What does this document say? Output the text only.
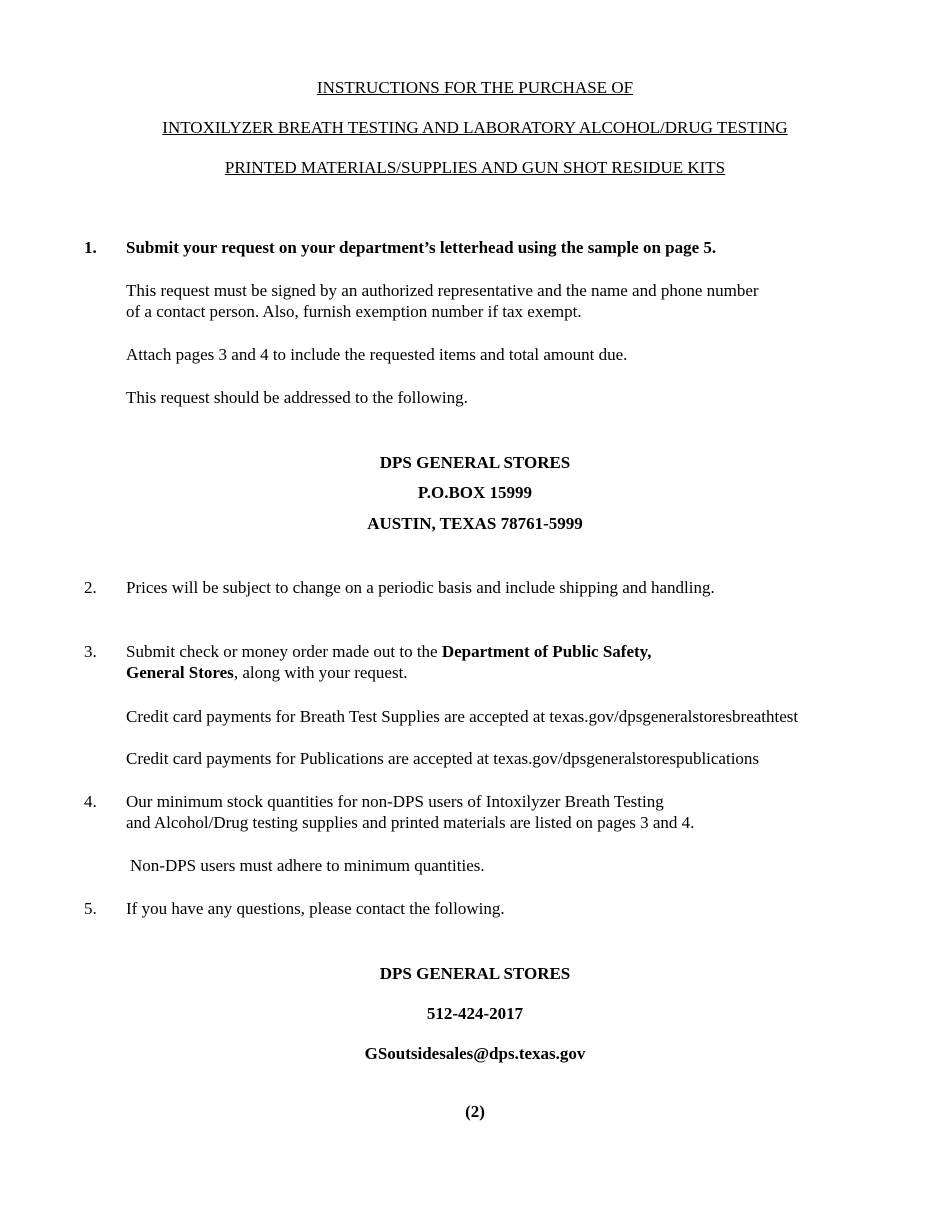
INSTRUCTIONS FOR THE PURCHASE OF
INTOXILYZER BREATH TESTING AND LABORATORY ALCOHOL/DRUG TESTING
PRINTED MATERIALS/SUPPLIES AND GUN SHOT RESIDUE KITS
1. Submit your request on your department’s letterhead using the sample on page 5.
This request must be signed by an authorized representative and the name and phone number
of a contact person. Also, furnish exemption number if tax exempt.
Attach pages 3 and 4 to include the requested items and total amount due.
This request should be addressed to the following.
DPS GENERAL STORES
P.O.BOX 15999
AUSTIN, TEXAS 78761-5999
2. Prices will be subject to change on a periodic basis and include shipping and handling.
3. Submit check or money order made out to the Department of Public Safety,
General Stores, along with your request.
Credit card payments for Breath Test Supplies are accepted at texas.gov/dpsgeneralstoresbreathtest
Credit card payments for Publications are accepted at texas.gov/dpsgeneralstorespublications
4. Our minimum stock quantities for non-DPS users of Intoxilyzer Breath Testing
and Alcohol/Drug testing supplies and printed materials are listed on pages 3 and 4.
Non-DPS users must adhere to minimum quantities.
5. If you have any questions, please contact the following.
DPS GENERAL STORES
512-424-2017
GSoutsidesales@dps.texas.gov
(2)
